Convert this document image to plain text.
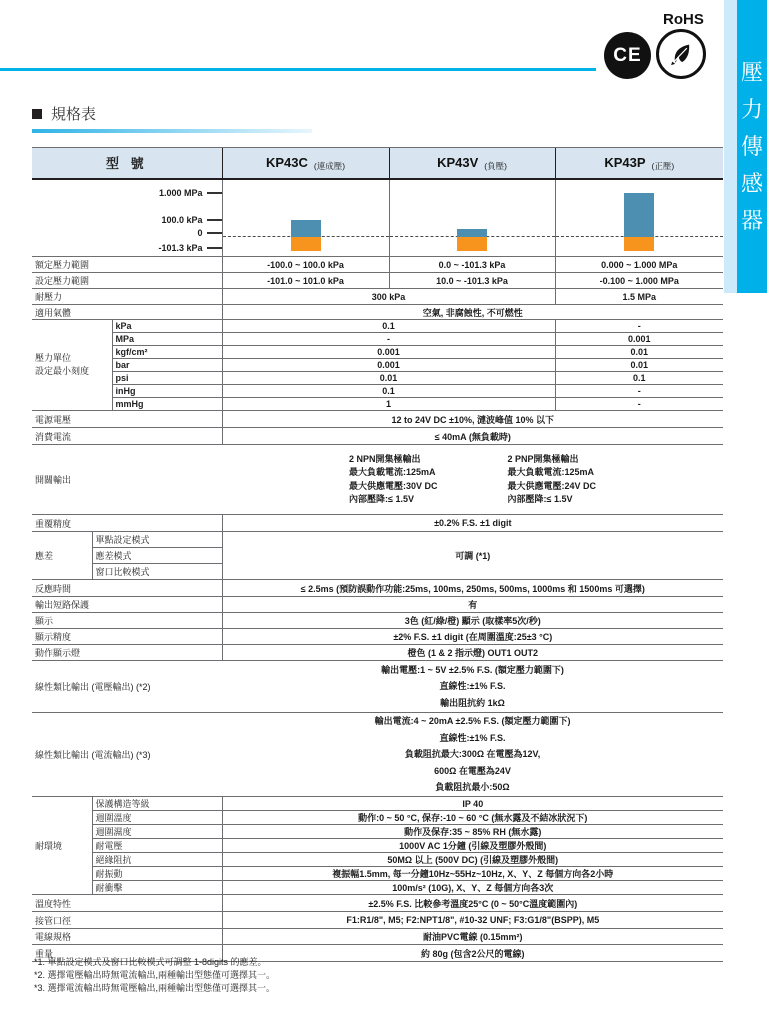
RoHS
CE
壓
力
傳
感
器
規格表
型 號			KP43C (連成壓)	KP43V (負壓)	KP43P (正壓)

1.000 MPa
100.0 kPa
0
-101.3 kPa					

額定壓力範圍			-100.0 ~ 100.0 kPa	0.0 ~ -101.3 kPa	0.000 ~ 1.000 MPa
設定壓力範圍			-101.0 ~ 101.0 kPa	10.0 ~ -101.3 kPa	-0.100 ~ 1.000 MPa
耐壓力			300 kPa		1.5 MPa
適用氣體			空氣, 非腐蝕性, 不可燃性		

壓力單位
設定最小刻度		kPa	0.1		-
		MPa	-		0.001
		kgf/cm²	0.001		0.01
		bar	0.001		0.01
		psi	0.01		0.1
		inHg	0.1		-
		mmHg	1		-
電源電壓			12 to 24V DC ±10%, 漣波峰值 10% 以下		
消費電流			≤ 40mA (無負載時)		
開關輸出	
2 NPN開集極輸出
最大負載電流:125mA
最大供應電壓:30V DC
內部壓降:≤ 1.5V
2 PNP開集極輸出
最大負載電流:125mA
最大供應電壓:24V DC
內部壓降:≤ 1.5V

重覆精度			±0.2% F.S. ±1 digit		
應差	單點設定模式		可調 (*1)		
	應差模式				
	窗口比較模式				
反應時間			≤ 2.5ms (預防誤動作功能:25ms, 100ms, 250ms, 500ms, 1000ms 和 1500ms 可選擇)		
輸出短路保護			有		
顯示			3色 (紅/綠/橙) 顯示 (取樣率5次/秒)		
顯示精度			±2% F.S. ±1 digit (在周圍溫度:25±3 °C)		
動作顯示燈			橙色 (1 & 2 指示燈) OUT1 OUT2		
線性類比輸出 (電壓輸出) (*2)			輸出電壓:1 ~ 5V ±2.5% F.S. (額定壓力範圍下)
直線性:±1% F.S.
輸出阻抗約 1kΩ		

線性類比輸出 (電流輸出) (*3)			輸出電流:4 ~ 20mA ±2.5% F.S. (額定壓力範圍下)
直線性:±1% F.S.
負載阻抗最大:300Ω 在電壓為12V,
600Ω 在電壓為24V
負載阻抗最小:50Ω		

耐環境	保護構造等級		IP 40		
	週圍溫度		動作:0 ~ 50 °C, 保存:-10 ~ 60 °C (無水露及不結冰狀況下)		
	週圍濕度		動作及保存:35 ~ 85% RH (無水露)		
	耐電壓		1000V AC 1分鐘 (引線及塑膠外殼間)		
	絕緣阻抗		50MΩ 以上 (500V DC) (引線及塑膠外殼間)		
	耐振動		複振幅1.5mm, 每一分鐘10Hz~55Hz~10Hz, X、Y、Z 每個方向各2小時		
	耐衝擊		100m/s² (10G), X、Y、Z 每個方向各3次		
溫度特性			±2.5% F.S. 比較參考溫度25°C (0 ~ 50°C溫度範圍內)		
接管口徑			F1:R1/8", M5; F2:NPT1/8", #10-32 UNF; F3:G1/8"(BSPP), M5		
電線規格			耐油PVC電線 (0.15mm²)		
重量			約 80g (包含2公尺的電線)		
*1. 單點設定模式及窗口比較模式可調整 1-8digits 的應差。
*2. 選擇電壓輸出時無電流輸出,兩種輸出型態僅可選擇其一。
*3. 選擇電流輸出時無電壓輸出,兩種輸出型態僅可選擇其一。
